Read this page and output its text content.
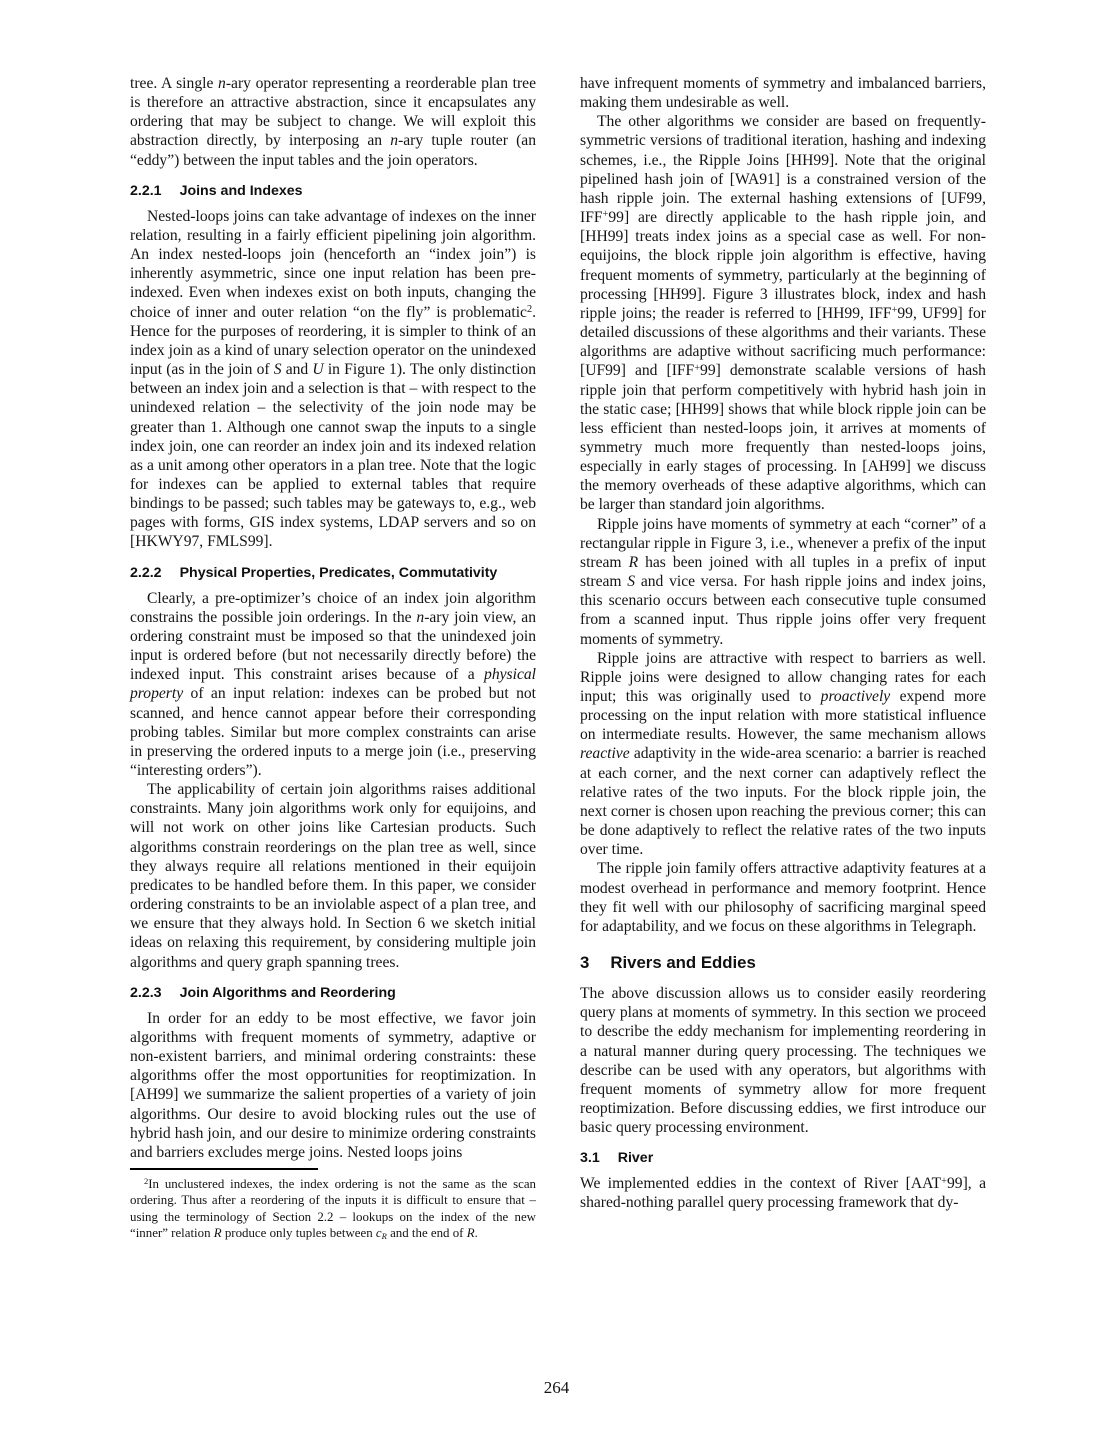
tree. A single n-ary operator representing a reorderable plan tree is therefore an attractive abstraction, since it encapsulates any ordering that may be subject to change. We will exploit this abstraction directly, by interposing an n-ary tuple router (an “eddy”) between the input tables and the join operators.

2.2.1 Joins and Indexes

Nested-loops joins can take advantage of indexes on the inner relation, resulting in a fairly efficient pipelining join algorithm. An index nested-loops join (henceforth an “index join”) is inherently asymmetric, since one input relation has been pre-indexed. Even when indexes exist on both inputs, changing the choice of inner and outer relation “on the fly” is problematic$^2$. Hence for the purposes of reordering, it is simpler to think of an index join as a kind of unary selection operator on the unindexed input (as in the join of S and U in Figure 1). The only distinction between an index join and a selection is that – with respect to the unindexed relation – the selectivity of the join node may be greater than 1. Although one cannot swap the inputs to a single index join, one can reorder an index join and its indexed relation as a unit among other operators in a plan tree. Note that the logic for indexes can be applied to external tables that require bindings to be passed; such tables may be gateways to, e.g., web pages with forms, GIS index systems, LDAP servers and so on [HKWY97, FMLS99].

2.2.2 Physical Properties, Predicates, Commutativity

Clearly, a pre-optimizer’s choice of an index join algorithm constrains the possible join orderings. In the n-ary join view, an ordering constraint must be imposed so that the unindexed join input is ordered before (but not necessarily directly before) the indexed input. This constraint arises because of a physical property of an input relation: indexes can be probed but not scanned, and hence cannot appear before their corresponding probing tables. Similar but more complex constraints can arise in preserving the ordered inputs to a merge join (i.e., preserving “interesting orders”).

The applicability of certain join algorithms raises additional constraints. Many join algorithms work only for equijoins, and will not work on other joins like Cartesian products. Such algorithms constrain reorderings on the plan tree as well, since they always require all relations mentioned in their equijoin predicates to be handled before them. In this paper, we consider ordering constraints to be an inviolable aspect of a plan tree, and we ensure that they always hold. In Section 6 we sketch initial ideas on relaxing this requirement, by considering multiple join algorithms and query graph spanning trees.

2.2.3 Join Algorithms and Reordering

In order for an eddy to be most effective, we favor join algorithms with frequent moments of symmetry, adaptive or non-existent barriers, and minimal ordering constraints: these algorithms offer the most opportunities for reoptimization. In [AH99] we summarize the salient properties of a variety of join algorithms. Our desire to avoid blocking rules out the use of hybrid hash join, and our desire to minimize ordering constraints and barriers excludes merge joins. Nested loops joins

$^2$In unclustered indexes, the index ordering is not the same as the scan ordering. Thus after a reordering of the inputs it is difficult to ensure that – using the terminology of Section 2.2 – lookups on the index of the new “inner” relation R produce only tuples between $c_R$ and the end of R.

have infrequent moments of symmetry and imbalanced barriers, making them undesirable as well.

The other algorithms we consider are based on frequently-symmetric versions of traditional iteration, hashing and indexing schemes, i.e., the Ripple Joins [HH99]. Note that the original pipelined hash join of [WA91] is a constrained version of the hash ripple join. The external hashing extensions of [UF99, IFF+99] are directly applicable to the hash ripple join, and [HH99] treats index joins as a special case as well. For non-equijoins, the block ripple join algorithm is effective, having frequent moments of symmetry, particularly at the beginning of processing [HH99]. Figure 3 illustrates block, index and hash ripple joins; the reader is referred to [HH99, IFF+99, UF99] for detailed discussions of these algorithms and their variants. These algorithms are adaptive without sacrificing much performance: [UF99] and [IFF+99] demonstrate scalable versions of hash ripple join that perform competitively with hybrid hash join in the static case; [HH99] shows that while block ripple join can be less efficient than nested-loops join, it arrives at moments of symmetry much more frequently than nested-loops joins, especially in early stages of processing. In [AH99] we discuss the memory overheads of these adaptive algorithms, which can be larger than standard join algorithms.

Ripple joins have moments of symmetry at each “corner” of a rectangular ripple in Figure 3, i.e., whenever a prefix of the input stream R has been joined with all tuples in a prefix of input stream S and vice versa. For hash ripple joins and index joins, this scenario occurs between each consecutive tuple consumed from a scanned input. Thus ripple joins offer very frequent moments of symmetry.

Ripple joins are attractive with respect to barriers as well. Ripple joins were designed to allow changing rates for each input; this was originally used to proactively expend more processing on the input relation with more statistical influence on intermediate results. However, the same mechanism allows reactive adaptivity in the wide-area scenario: a barrier is reached at each corner, and the next corner can adaptively reflect the relative rates of the two inputs. For the block ripple join, the next corner is chosen upon reaching the previous corner; this can be done adaptively to reflect the relative rates of the two inputs over time.

The ripple join family offers attractive adaptivity features at a modest overhead in performance and memory footprint. Hence they fit well with our philosophy of sacrificing marginal speed for adaptability, and we focus on these algorithms in Telegraph.

3 Rivers and Eddies

The above discussion allows us to consider easily reordering query plans at moments of symmetry. In this section we proceed to describe the eddy mechanism for implementing reordering in a natural manner during query processing. The techniques we describe can be used with any operators, but algorithms with frequent moments of symmetry allow for more frequent reoptimization. Before discussing eddies, we first introduce our basic query processing environment.

3.1 River

We implemented eddies in the context of River [AAT+99], a shared-nothing parallel query processing framework that dy-

264
